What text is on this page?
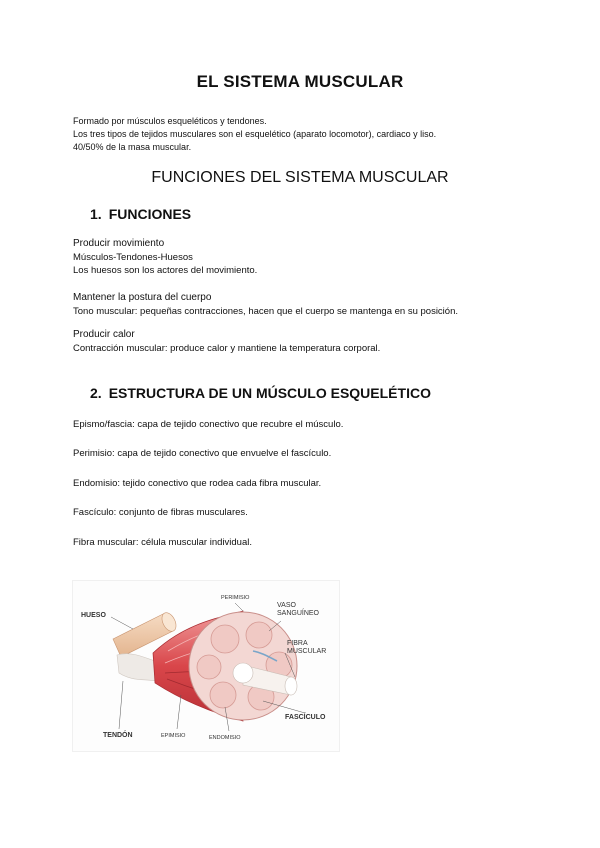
EL SISTEMA MUSCULAR
Formado por músculos esqueléticos y tendones.
Los tres tipos de tejidos musculares son el esquelético (aparato locomotor), cardiaco y liso.
40/50% de la masa muscular.
FUNCIONES DEL SISTEMA MUSCULAR
1. FUNCIONES
Producir movimiento
Músculos-Tendones-Huesos
Los huesos son los actores del movimiento.
Mantener la postura del cuerpo
Tono muscular: pequeñas contracciones, hacen que el cuerpo se mantenga en su posición.
Producir calor
Contracción muscular: produce calor y mantiene la temperatura corporal.
2. ESTRUCTURA DE UN MÚSCULO ESQUELÉTICO
Epismo/fascia: capa de tejido conectivo que recubre el músculo.
Perimisio: capa de tejido conectivo que envuelve el fascículo.
Endomisio: tejido conectivo que rodea cada fibra muscular.
Fascículo: conjunto de fibras musculares.
Fibra muscular: célula muscular individual.
HUESO
PERIMISIO
VASO
SANGUÍNEO
FIBRA
MUSCULAR
FASCÍCULO
TENDÓN	EPIMISIO	ENDOMISIO
